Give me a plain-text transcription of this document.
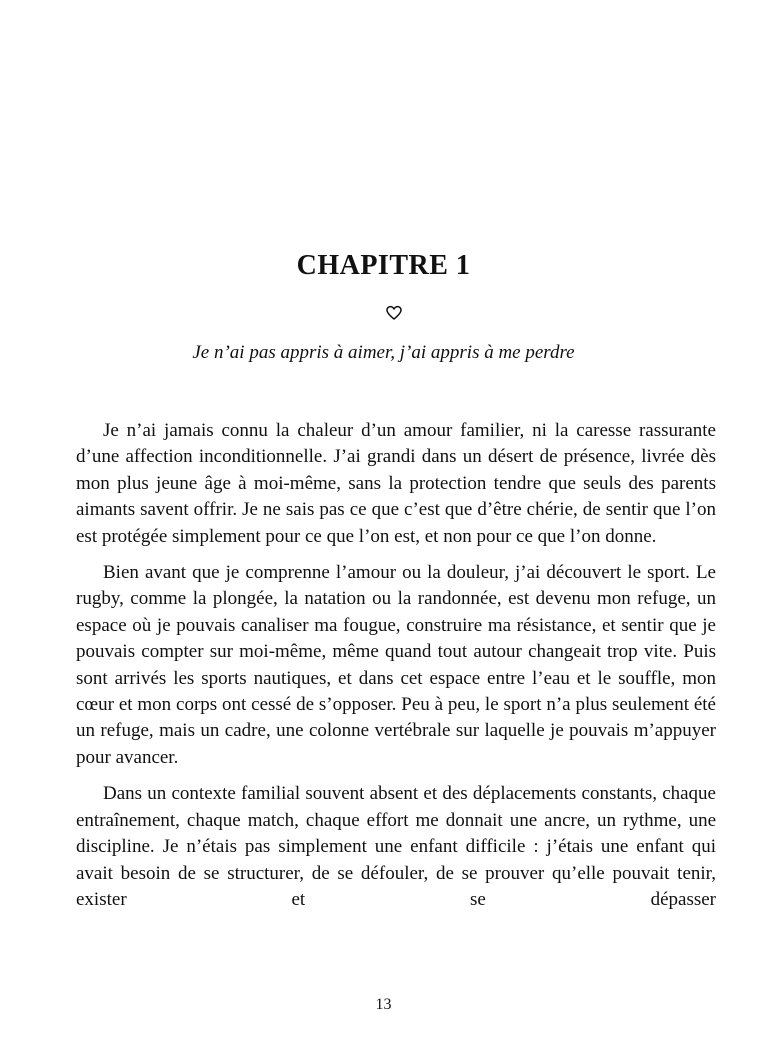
CHAPITRE 1

Je n’ai pas appris à aimer, j’ai appris à me perdre

Je n’ai jamais connu la chaleur d’un amour familier, ni la caresse rassurante d’une affection inconditionnelle. J’ai grandi dans un désert de présence, livrée dès mon plus jeune âge à moi-même, sans la protection tendre que seuls des parents aimants savent offrir. Je ne sais pas ce que c’est que d’être chérie, de sentir que l’on est protégée simplement pour ce que l’on est, et non pour ce que l’on donne.

Bien avant que je comprenne l’amour ou la douleur, j’ai découvert le sport. Le rugby, comme la plongée, la natation ou la randonnée, est devenu mon refuge, un espace où je pouvais canaliser ma fougue, construire ma résistance, et sentir que je pouvais compter sur moi-même, même quand tout autour changeait trop vite. Puis sont arrivés les sports nautiques, et dans cet espace entre l’eau et le souffle, mon cœur et mon corps ont cessé de s’opposer. Peu à peu, le sport n’a plus seulement été un refuge, mais un cadre, une colonne vertébrale sur laquelle je pouvais m’appuyer pour avancer.

Dans un contexte familial souvent absent et des déplacements constants, chaque entraînement, chaque match, chaque effort me donnait une ancre, un rythme, une discipline. Je n’étais pas simplement une enfant difficile : j’étais une enfant qui avait besoin de se structurer, de se défouler, de se prouver qu’elle pouvait tenir, exister et se dépasser

13
